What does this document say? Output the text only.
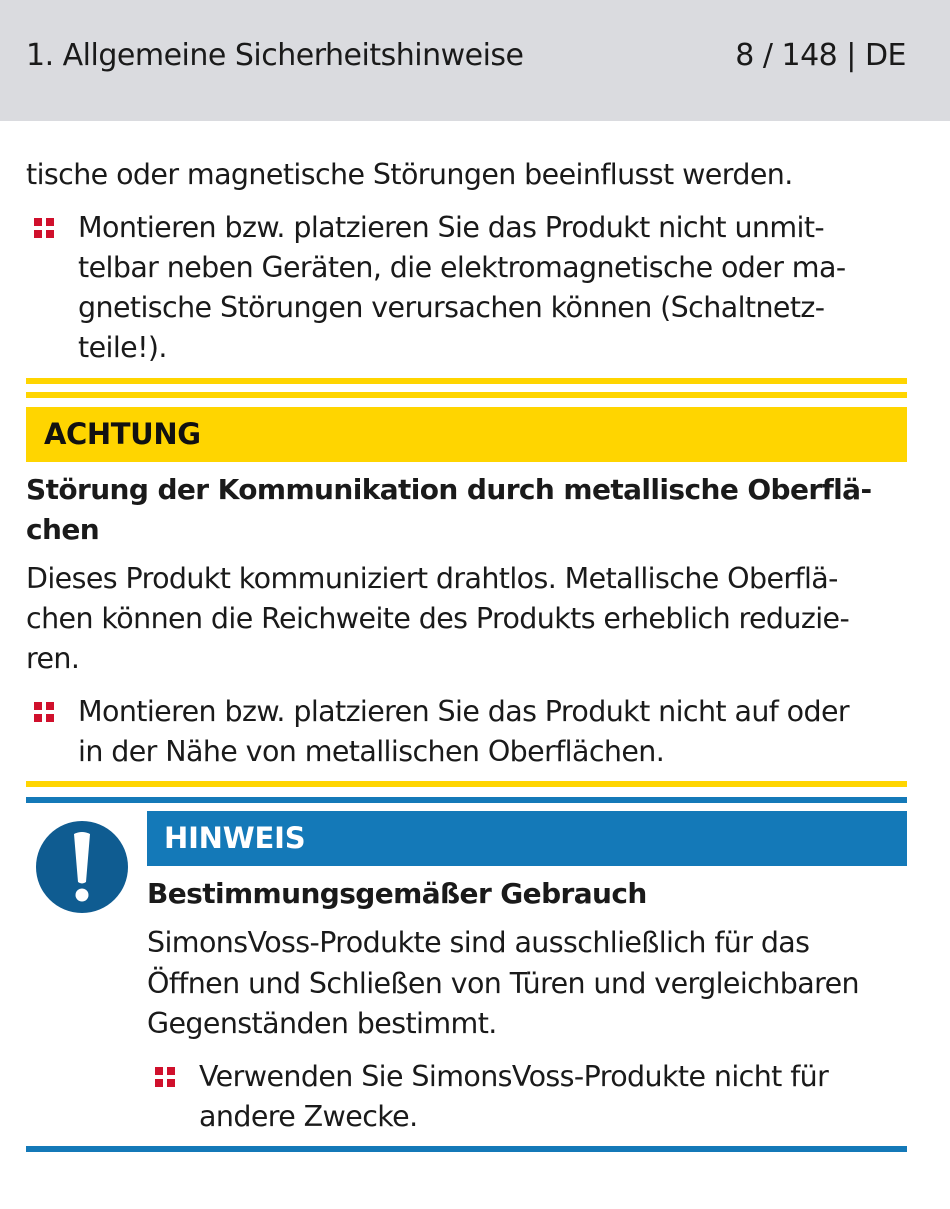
1. Allgemeine Sicherheitshinweise	8 / 148 | DE
tische oder magnetische Störungen beeinflusst werden.
Montieren bzw. platzieren Sie das Produkt nicht unmit-
telbar neben Geräten, die elektromagnetische oder ma-
gnetische Störungen verursachen können (Schaltnetz-
teile!).
ACHTUNG
Störung der Kommunikation durch metallische Oberflä-
chen
Dieses Produkt kommuniziert drahtlos. Metallische Oberflä-
chen können die Reichweite des Produkts erheblich reduzie-
ren.
Montieren bzw. platzieren Sie das Produkt nicht auf oder
in der Nähe von metallischen Oberflächen.
HINWEIS
Bestimmungsgemäßer Gebrauch
SimonsVoss-Produkte sind ausschließlich für das
Öffnen und Schließen von Türen und vergleichbaren
Gegenständen bestimmt.
Verwenden Sie SimonsVoss-Produkte nicht für
andere Zwecke.
